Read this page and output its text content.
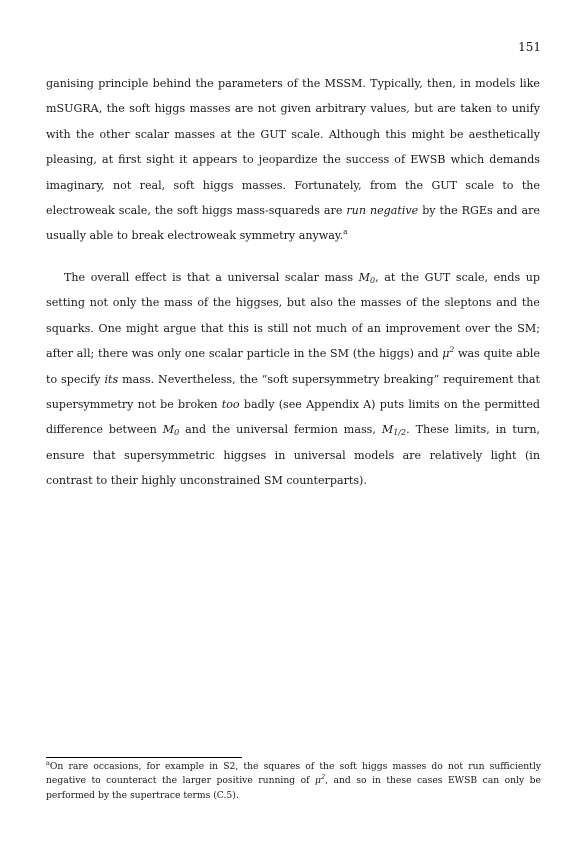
151

ganising principle behind the parameters of the MSSM. Typically, then, in models like mSUGRA, the soft higgs masses are not given arbitrary values, but are taken to unify with the other scalar masses at the GUT scale. Although this might be aesthetically pleasing, at first sight it appears to jeopardize the success of EWSB which demands imaginary, not real, soft higgs masses. Fortunately, from the GUT scale to the electroweak scale, the soft higgs mass-squareds are run negative by the RGEs and are usually able to break electroweak symmetry anyway.$^a$

The overall effect is that a universal scalar mass $M_0$, at the GUT scale, ends up setting not only the mass of the higgses, but also the masses of the sleptons and the squarks. One might argue that this is still not much of an improvement over the SM; after all; there was only one scalar particle in the SM (the higgs) and $\mu^2$ was quite able to specify its mass. Nevertheless, the “soft supersymmetry breaking” requirement that supersymmetry not be broken too badly (see Appendix A) puts limits on the permitted difference between $M_0$ and the universal fermion mass, $M_{1/2}$. These limits, in turn, ensure that supersymmetric higgses in universal models are relatively light (in contrast to their highly unconstrained SM counterparts).

$^a$On rare occasions, for example in S2, the squares of the soft higgs masses do not run sufficiently negative to counteract the larger positive running of $\mu^2$, and so in these cases EWSB can only be performed by the supertrace terms (C.5).
